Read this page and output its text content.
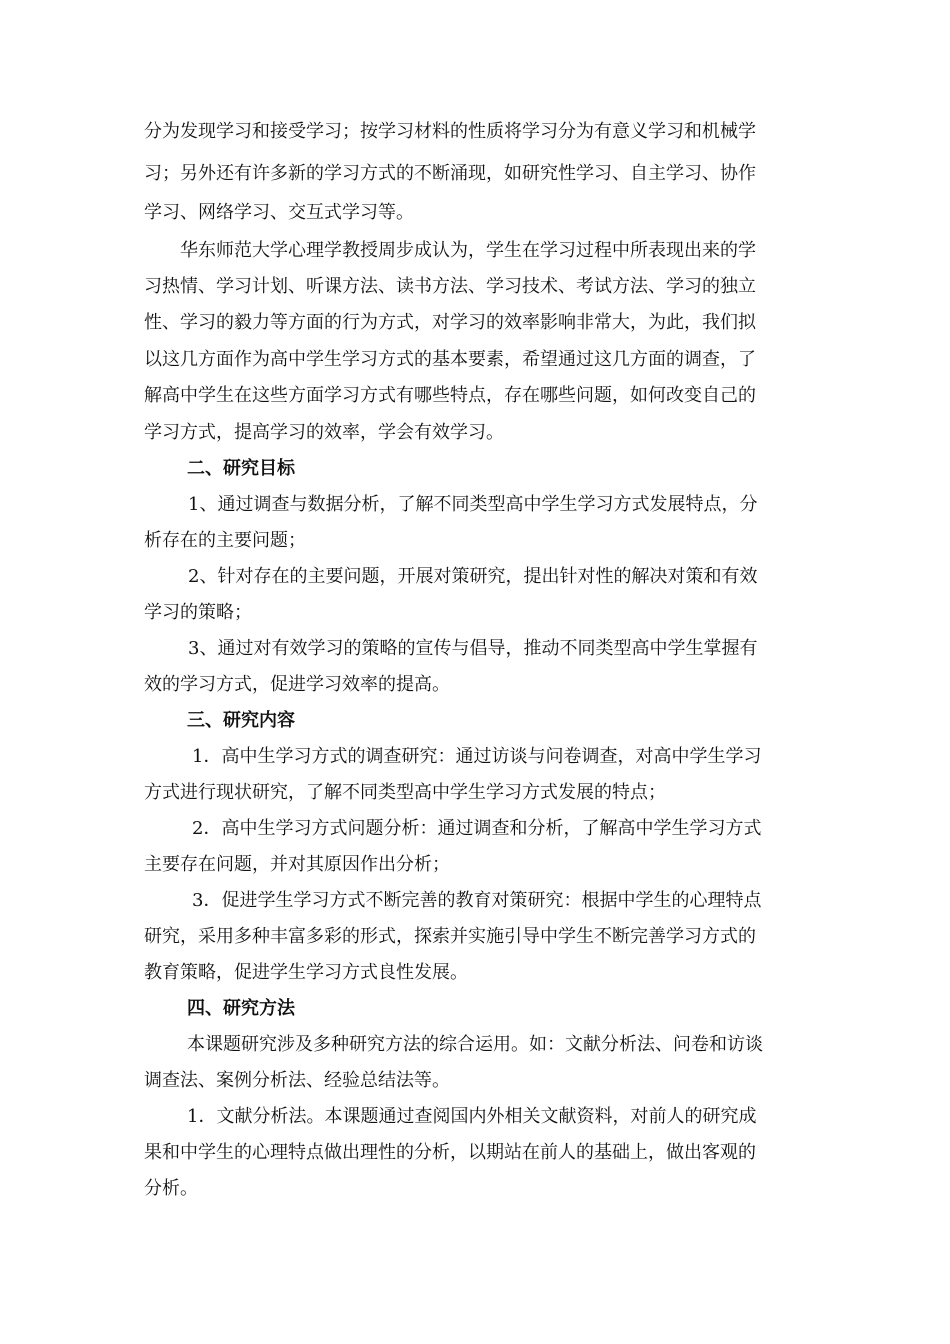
分为发现学习和接受学习；按学习材料的性质将学习分为有意义学习和机械学
习；另外还有许多新的学习方式的不断涌现，如研究性学习、自主学习、协作
学习、网络学习、交互式学习等。
华东师范大学心理学教授周步成认为，学生在学习过程中所表现出来的学
习热情、学习计划、听课方法、读书方法、学习技术、考试方法、学习的独立
性、学习的毅力等方面的行为方式，对学习的效率影响非常大，为此，我们拟
以这几方面作为高中学生学习方式的基本要素，希望通过这几方面的调查，了
解高中学生在这些方面学习方式有哪些特点，存在哪些问题，如何改变自己的
学习方式，提高学习的效率，学会有效学习。
二、研究目标
1、通过调查与数据分析，了解不同类型高中学生学习方式发展特点，分
析存在的主要问题；
2、针对存在的主要问题，开展对策研究，提出针对性的解决对策和有效
学习的策略；
3、通过对有效学习的策略的宣传与倡导，推动不同类型高中学生掌握有
效的学习方式，促进学习效率的提高。
三、研究内容
1．高中生学习方式的调查研究：通过访谈与问卷调查，对高中学生学习
方式进行现状研究，了解不同类型高中学生学习方式发展的特点；
2．高中生学习方式问题分析：通过调查和分析，了解高中学生学习方式
主要存在问题，并对其原因作出分析；
3．促进学生学习方式不断完善的教育对策研究：根据中学生的心理特点
研究，采用多种丰富多彩的形式，探索并实施引导中学生不断完善学习方式的
教育策略，促进学生学习方式良性发展。
四、研究方法
本课题研究涉及多种研究方法的综合运用。如：文献分析法、问卷和访谈
调查法、案例分析法、经验总结法等。
1．文献分析法。本课题通过查阅国内外相关文献资料，对前人的研究成
果和中学生的心理特点做出理性的分析，以期站在前人的基础上，做出客观的
分析。
